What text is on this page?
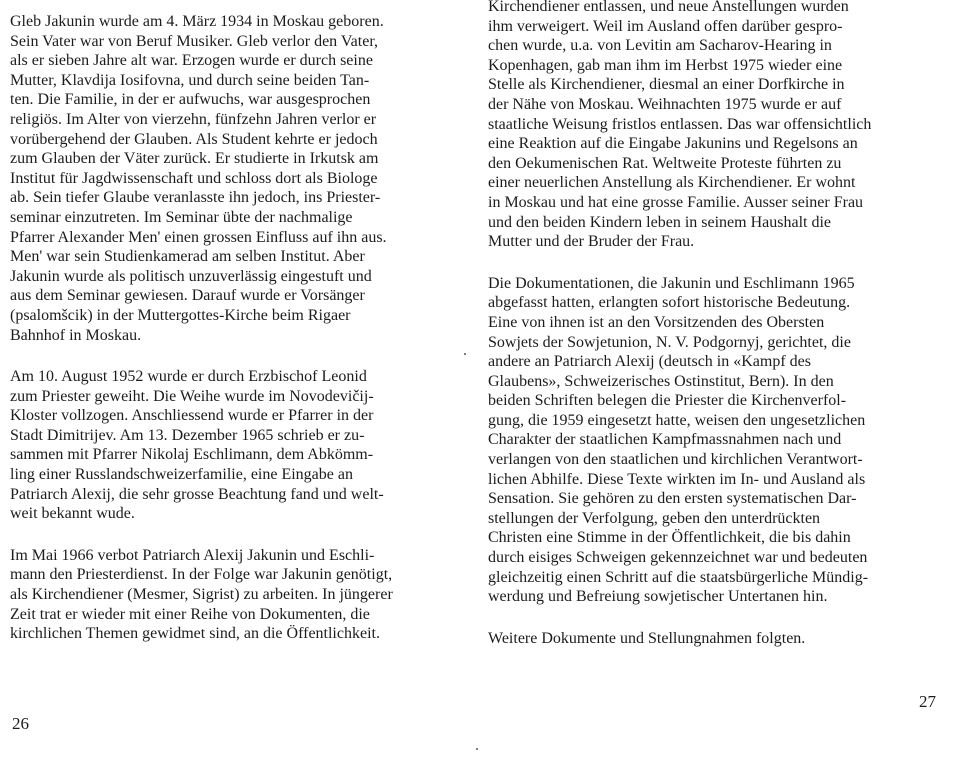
Gleb Jakunin wurde am 4. März 1934 in Moskau geboren.
Sein Vater war von Beruf Musiker. Gleb verlor den Vater,
als er sieben Jahre alt war. Erzogen wurde er durch seine
Mutter, Klavdija Iosifovna, und durch seine beiden Tan-
ten. Die Familie, in der er aufwuchs, war ausgesprochen
religiös. Im Alter von vierzehn, fünfzehn Jahren verlor er
vorübergehend der Glauben. Als Student kehrte er jedoch
zum Glauben der Väter zurück. Er studierte in Irkutsk am
Institut für Jagdwissenschaft und schloss dort als Biologe
ab. Sein tiefer Glaube veranlasste ihn jedoch, ins Priester-
seminar einzutreten. Im Seminar übte der nachmalige
Pfarrer Alexander Men' einen grossen Einfluss auf ihn aus.
Men' war sein Studienkamerad am selben Institut. Aber
Jakunin wurde als politisch unzuverlässig eingestuft und
aus dem Seminar gewiesen. Darauf wurde er Vorsänger
(psalomšcik) in der Muttergottes-Kirche beim Rigaer
Bahnhof in Moskau.

Am 10. August 1952 wurde er durch Erzbischof Leonid
zum Priester geweiht. Die Weihe wurde im Novodevičij-
Kloster vollzogen. Anschliessend wurde er Pfarrer in der
Stadt Dimitrijev. Am 13. Dezember 1965 schrieb er zu-
sammen mit Pfarrer Nikolaj Eschlimann, dem Abkömm-
ling einer Russlandschweizerfamilie, eine Eingabe an
Patriarch Alexij, die sehr grosse Beachtung fand und welt-
weit bekannt wude.

Im Mai 1966 verbot Patriarch Alexij Jakunin und Eschli-
mann den Priesterdienst. In der Folge war Jakunin genötigt,
als Kirchendiener (Mesmer, Sigrist) zu arbeiten. In jüngerer
Zeit trat er wieder mit einer Reihe von Dokumenten, die
kirchlichen Themen gewidmet sind, an die Öffentlichkeit.

26

Kirchendiener entlassen, und neue Anstellungen wurden
ihm verweigert. Weil im Ausland offen darüber gespro-
chen wurde, u.a. von Levitin am Sacharov-Hearing in
Kopenhagen, gab man ihm im Herbst 1975 wieder eine
Stelle als Kirchendiener, diesmal an einer Dorfkirche in
der Nähe von Moskau. Weihnachten 1975 wurde er auf
staatliche Weisung fristlos entlassen. Das war offensichtlich
eine Reaktion auf die Eingabe Jakunins und Regelsons an
den Oekumenischen Rat. Weltweite Proteste führten zu
einer neuerlichen Anstellung als Kirchendiener. Er wohnt
in Moskau und hat eine grosse Familie. Ausser seiner Frau
und den beiden Kindern leben in seinem Haushalt die
Mutter und der Bruder der Frau.

Die Dokumentationen, die Jakunin und Eschlimann 1965
abgefasst hatten, erlangten sofort historische Bedeutung.
Eine von ihnen ist an den Vorsitzenden des Obersten
Sowjets der Sowjetunion, N. V. Podgornyj, gerichtet, die
andere an Patriarch Alexij (deutsch in «Kampf des
Glaubens», Schweizerisches Ostinstitut, Bern). In den
beiden Schriften belegen die Priester die Kirchenverfol-
gung, die 1959 eingesetzt hatte, weisen den ungesetzlichen
Charakter der staatlichen Kampfmassnahmen nach und
verlangen von den staatlichen und kirchlichen Verantwort-
lichen Abhilfe. Diese Texte wirkten im In- und Ausland als
Sensation. Sie gehören zu den ersten systematischen Dar-
stellungen der Verfolgung, geben den unterdrückten
Christen eine Stimme in der Öffentlichkeit, die bis dahin
durch eisiges Schweigen gekennzeichnet war und bedeuten
gleichzeitig einen Schritt auf die staatsbürgerliche Mündig-
werdung und Befreiung sowjetischer Untertanen hin.

Weitere Dokumente und Stellungnahmen folgten.

27
